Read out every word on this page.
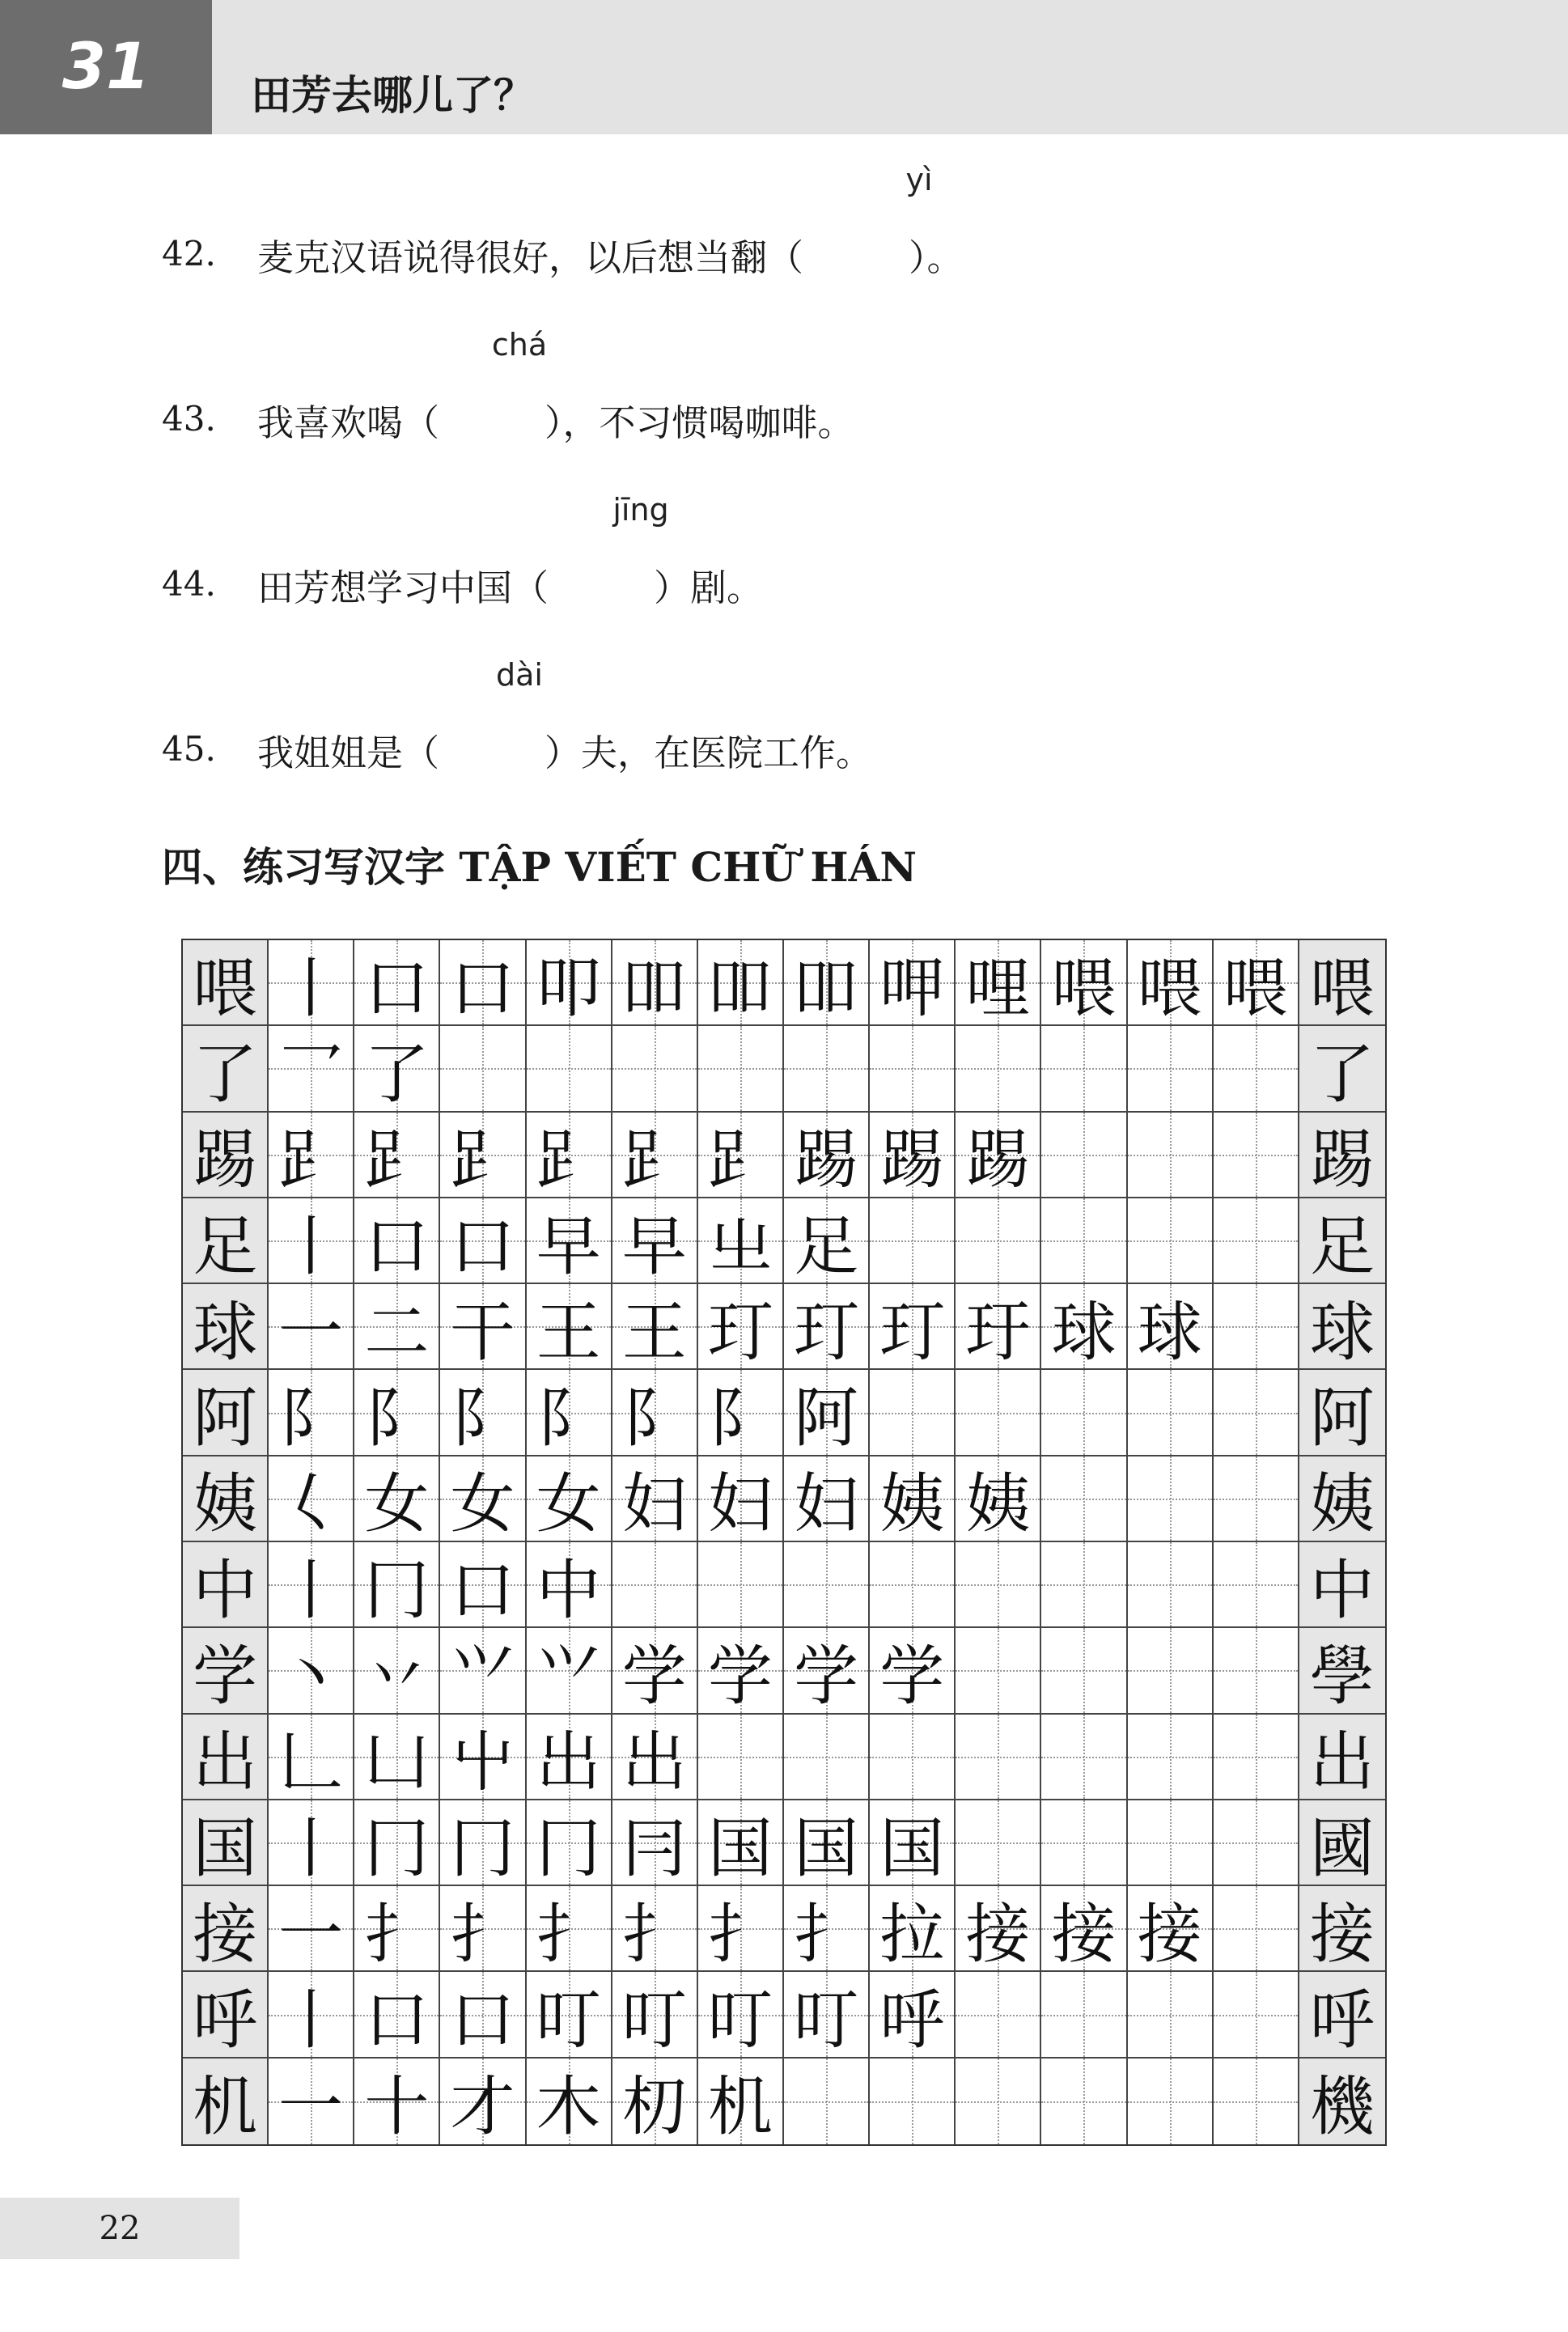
31	田芳去哪儿了？
yì
42. 麦克汉语说得很好，以后想当翻（	）。
chá
43. 我喜欢喝（	），不习惯喝咖啡。
jīng
44. 田芳想学习中国（	）剧。
dài
45. 我姐姐是（	）夫，在医院工作。
四、练习写汉字 TẬP VIẾT CHỮ HÁN
喂 丨 口 口 叩 吅 吅 吅 呷 哩 喂 喂 喂 喂
了 乛 了	了
踢 𧾷 𧾷 𧾷 𧾷 𧾷 𧾷 踢 踢 踢	踢
足 丨 口 口 早 早 㞢 足	足
球 一 二 干 王 王 玎 玎 玎 玗 球 球 球
阿 阝 阝 阝 阝 阝 阝 阿	阿
姨 𡿨 女 女 女 妇 妇 妇 姨 姨	姨
中 丨 冂 口 中	中
学 丶 丷 ⺍ ⺍ 学 学 学 学	學
出 𠃊 凵 屮 出 出	出
国 丨 冂 冂 冂 冃 国 国 国	國
接 一 扌 扌 扌 扌 扌 扌 拉 接 接 接 接
呼 丨 口 口 叮 叮 叮 叮 呼	呼
机 一 十 才 木 朷 机	機
22
